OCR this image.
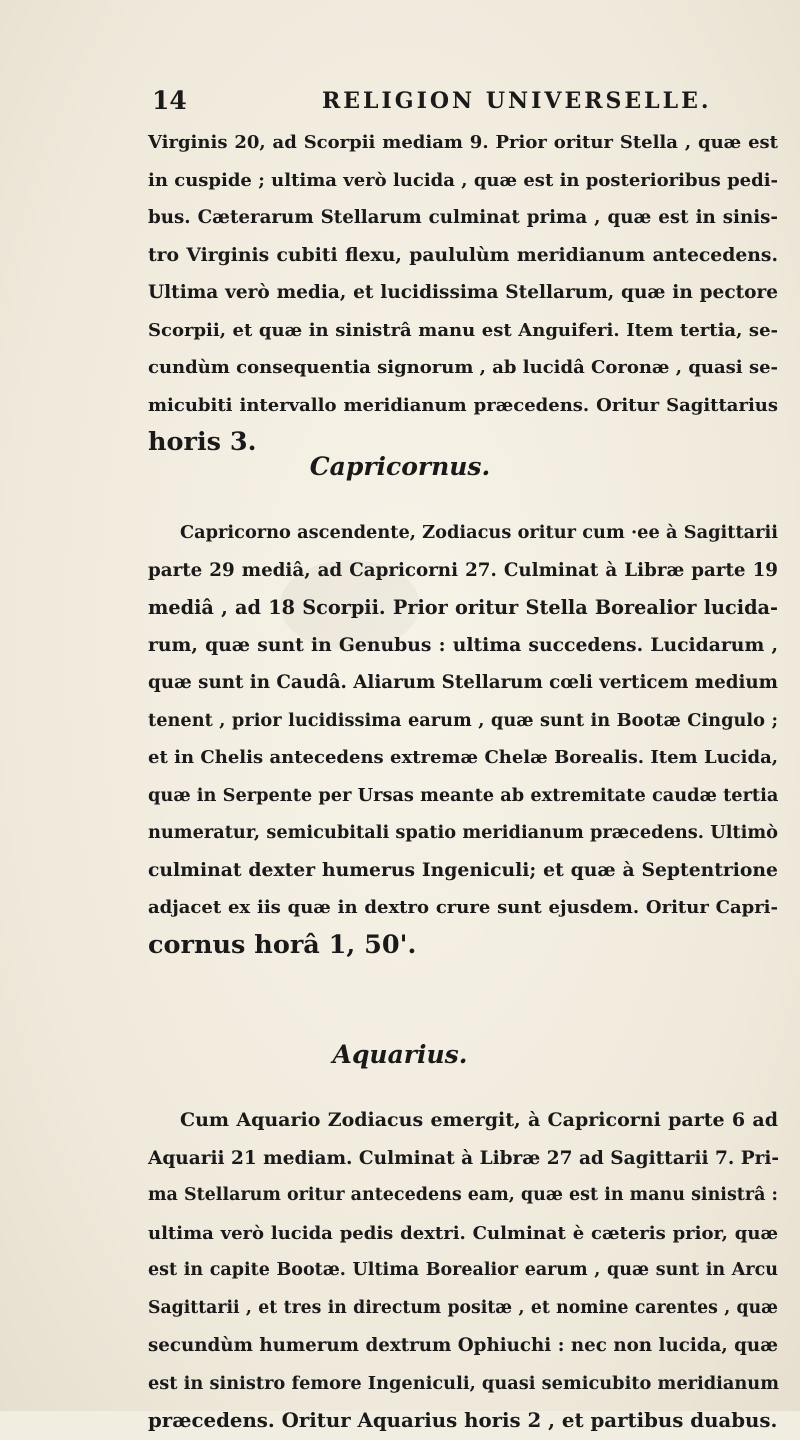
14	RELIGION UNIVERSELLE.
Virginis 20, ad Scorpii mediam 9. Prior oritur Stella , quæ est
in cuspide ; ultima verò lucida , quæ est in posterioribus pedi-
bus. Cæterarum Stellarum culminat prima , quæ est in sinis-
tro Virginis cubiti flexu, paululùm meridianum antecedens.
Ultima verò media, et lucidissima Stellarum, quæ in pectore
Scorpii, et quæ in sinistrâ manu est Anguiferi. Item tertia, se-
cundùm consequentia signorum , ab lucidâ Coronæ , quasi se-
micubiti intervallo meridianum præcedens. Oritur Sagittarius
horis 3.
Capricornus.
Capricorno ascendente, Zodiacus oritur cum ·ee à Sagittarii
parte 29 mediâ, ad Capricorni 27. Culminat à Libræ parte 19
mediâ , ad 18 Scorpii. Prior oritur Stella Borealior lucida-
rum, quæ sunt in Genubus : ultima succedens. Lucidarum ,
quæ sunt in Caudâ. Aliarum Stellarum cœli verticem medium
tenent , prior lucidissima earum , quæ sunt in Bootæ Cingulo ;
et in Chelis antecedens extremæ Chelæ Borealis. Item Lucida,
quæ in Serpente per Ursas meante ab extremitate caudæ tertia
numeratur, semicubitali spatio meridianum præcedens. Ultimò
culminat dexter humerus Ingeniculi; et quæ à Septentrione
adjacet ex iis quæ in dextro crure sunt ejusdem. Oritur Capri-
cornus horâ 1, 50'.
Aquarius.
Cum Aquario Zodiacus emergit, à Capricorni parte 6 ad
Aquarii 21 mediam. Culminat à Libræ 27 ad Sagittarii 7. Pri-
ma Stellarum oritur antecedens eam, quæ est in manu sinistrâ :
ultima verò lucida pedis dextri. Culminat è cæteris prior, quæ
est in capite Bootæ. Ultima Borealior earum , quæ sunt in Arcu
Sagittarii , et tres in directum positæ , et nomine carentes , quæ
secundùm humerum dextrum Ophiuchi : nec non lucida, quæ
est in sinistro femore Ingeniculi, quasi semicubito meridianum
præcedens. Oritur Aquarius horis 2 , et partibus duabus.
